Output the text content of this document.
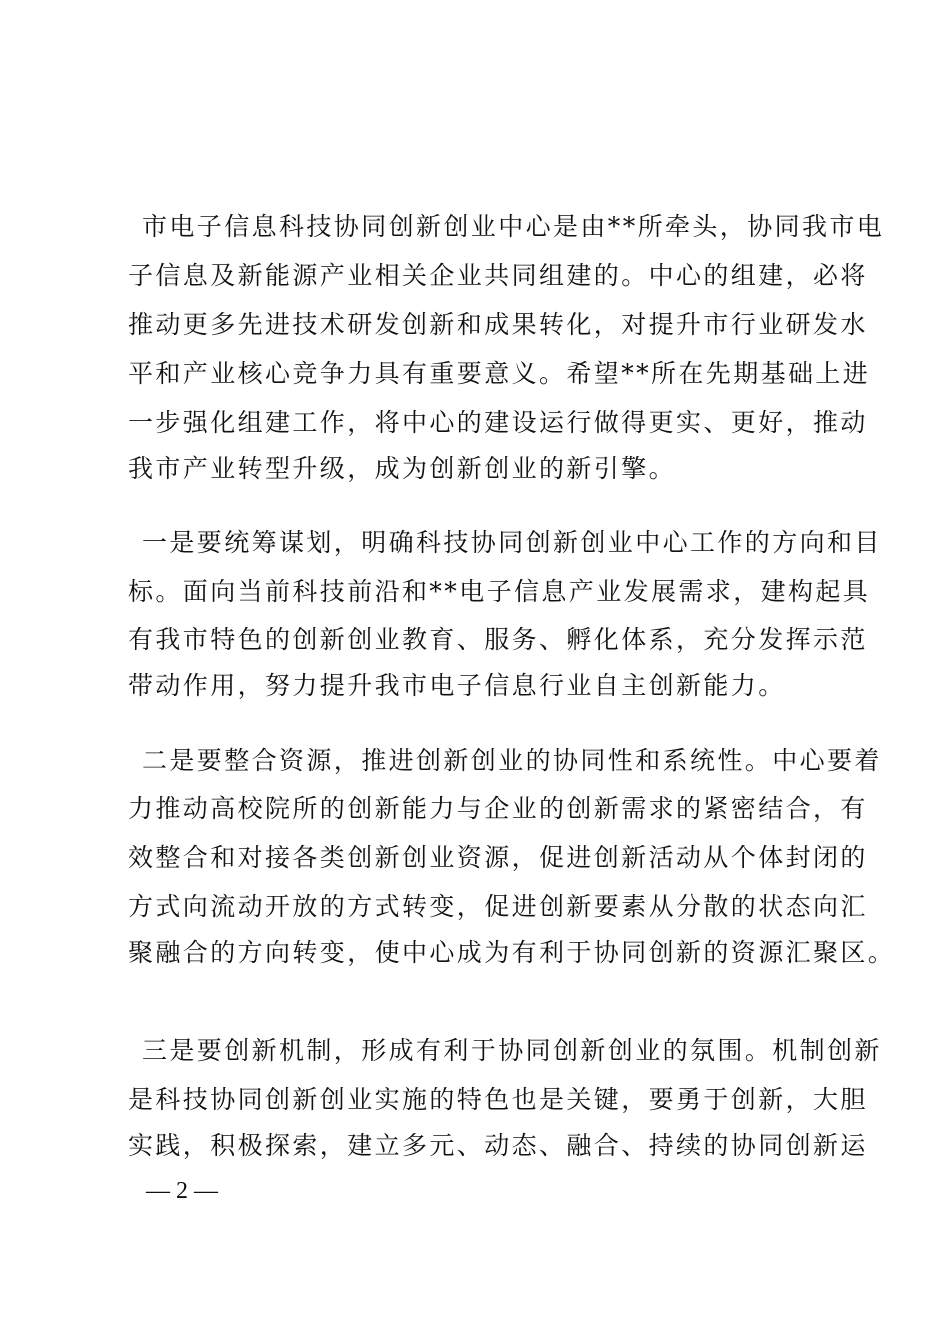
市电子信息科技协同创新创业中心是由**所牵头，协同我市电
子信息及新能源产业相关企业共同组建的。中心的组建，必将
推动更多先进技术研发创新和成果转化，对提升市行业研发水
平和产业核心竞争力具有重要意义。希望**所在先期基础上进
一步强化组建工作，将中心的建设运行做得更实、更好，推动
我市产业转型升级，成为创新创业的新引擎。
一是要统筹谋划，明确科技协同创新创业中心工作的方向和目
标。面向当前科技前沿和**电子信息产业发展需求，建构起具
有我市特色的创新创业教育、服务、孵化体系，充分发挥示范
带动作用，努力提升我市电子信息行业自主创新能力。
二是要整合资源，推进创新创业的协同性和系统性。中心要着
力推动高校院所的创新能力与企业的创新需求的紧密结合，有
效整合和对接各类创新创业资源，促进创新活动从个体封闭的
方式向流动开放的方式转变，促进创新要素从分散的状态向汇
聚融合的方向转变，使中心成为有利于协同创新的资源汇聚区。
三是要创新机制，形成有利于协同创新创业的氛围。机制创新
是科技协同创新创业实施的特色也是关键，要勇于创新，大胆
实践，积极探索，建立多元、动态、融合、持续的协同创新运
— 2 —
